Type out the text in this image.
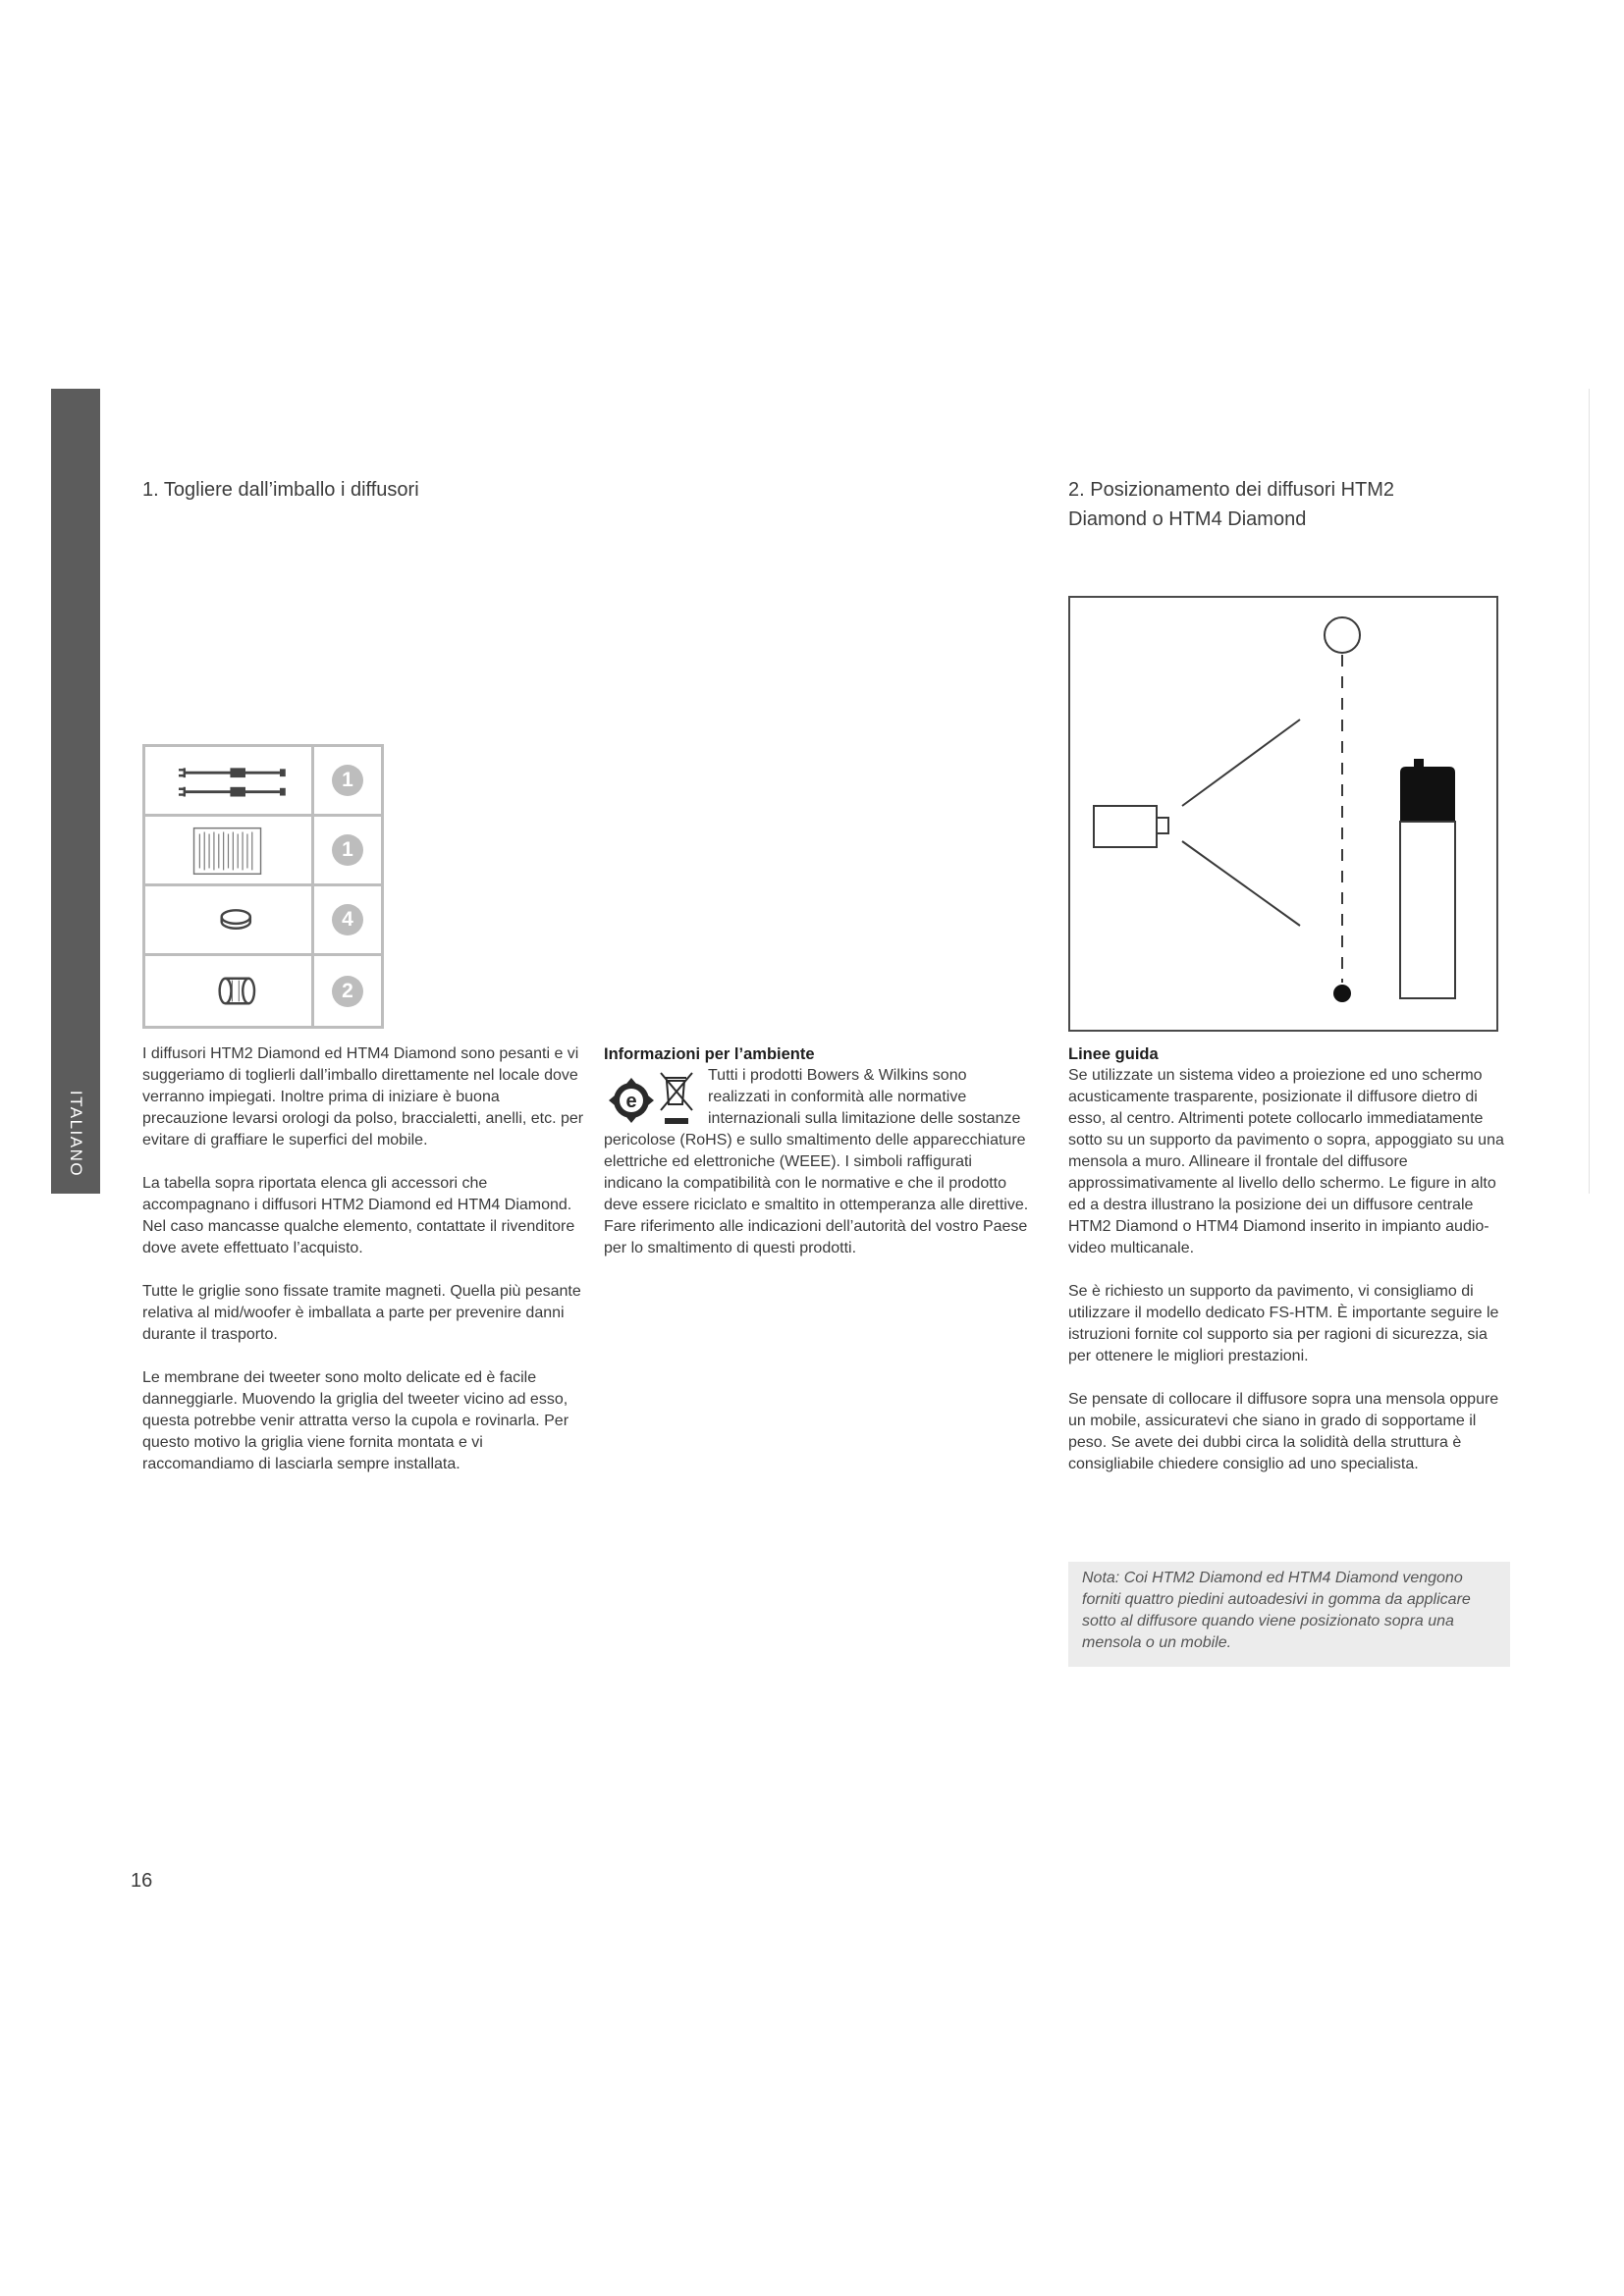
ITALIANO
1. Togliere dall’imballo i diffusori	2. Posizionamento dei diffusori HTM2
Diamond o HTM4 Diamond
1
1
4
2

I diffusori HTM2 Diamond ed HTM4 Diamond sono pesanti e vi suggeriamo di toglierli dall’imballo direttamente nel locale dove verranno impiegati. Inoltre prima di iniziare è buona precauzione levarsi orologi da polso, braccialetti, anelli, etc. per evitare di graffiare le superfici del mobile.

La tabella sopra riportata elenca gli accessori che accompagnano i diffusori HTM2 Diamond ed HTM4 Diamond. Nel caso mancasse qualche elemento, contattate il rivenditore dove avete effettuato l’acquisto.

Tutte le griglie sono fissate tramite magneti. Quella più pesante relativa al mid/woofer è imballata a parte per prevenire danni durante il trasporto.

Le membrane dei tweeter sono molto delicate ed è facile danneggiarle. Muovendo la griglia del tweeter vicino ad esso, questa potrebbe venir attratta verso la cupola e rovinarla. Per questo motivo la griglia viene fornita montata e vi raccomandiamo di lasciarla sempre installata.

Informazioni per l’ambiente
e
Tutti i prodotti Bowers & Wilkins sono realizzati in conformità alle normative internazionali sulla limitazione delle sostanze pericolose (RoHS) e sullo smaltimento delle apparecchiature elettriche ed elettroniche (WEEE). I simboli raffigurati indicano la compatibilità con le normative e che il prodotto deve essere riciclato e smaltito in ottemperanza alle direttive. Fare riferimento alle indicazioni dell’autorità del vostro Paese per lo smaltimento di questi prodotti.
Linee guida

Se utilizzate un sistema video a proiezione ed uno schermo acusticamente trasparente, posizionate il diffusore dietro di esso, al centro. Altrimenti potete collocarlo immediatamente sotto su un supporto da pavimento o sopra, appoggiato su una mensola a muro. Allineare il frontale del diffusore approssimativamente al livello dello schermo. Le figure in alto ed a destra illustrano la posizione dei un diffusore centrale HTM2 Diamond o HTM4 Diamond inserito in impianto audio-video multicanale.

Se è richiesto un supporto da pavimento, vi consigliamo di utilizzare il modello dedicato FS-HTM. È importante seguire le istruzioni fornite col supporto sia per ragioni di sicurezza, sia per ottenere le migliori prestazioni.

Se pensate di collocare il diffusore sopra una mensola oppure un mobile, assicuratevi che siano in grado di sopportame il peso. Se avete dei dubbi circa la solidità della struttura è consigliabile chiedere consiglio ad uno specialista.

Nota: Coi HTM2 Diamond ed HTM4 Diamond vengono forniti quattro piedini autoadesivi in gomma da applicare sotto al diffusore quando viene posizionato sopra una mensola o un mobile.
16
